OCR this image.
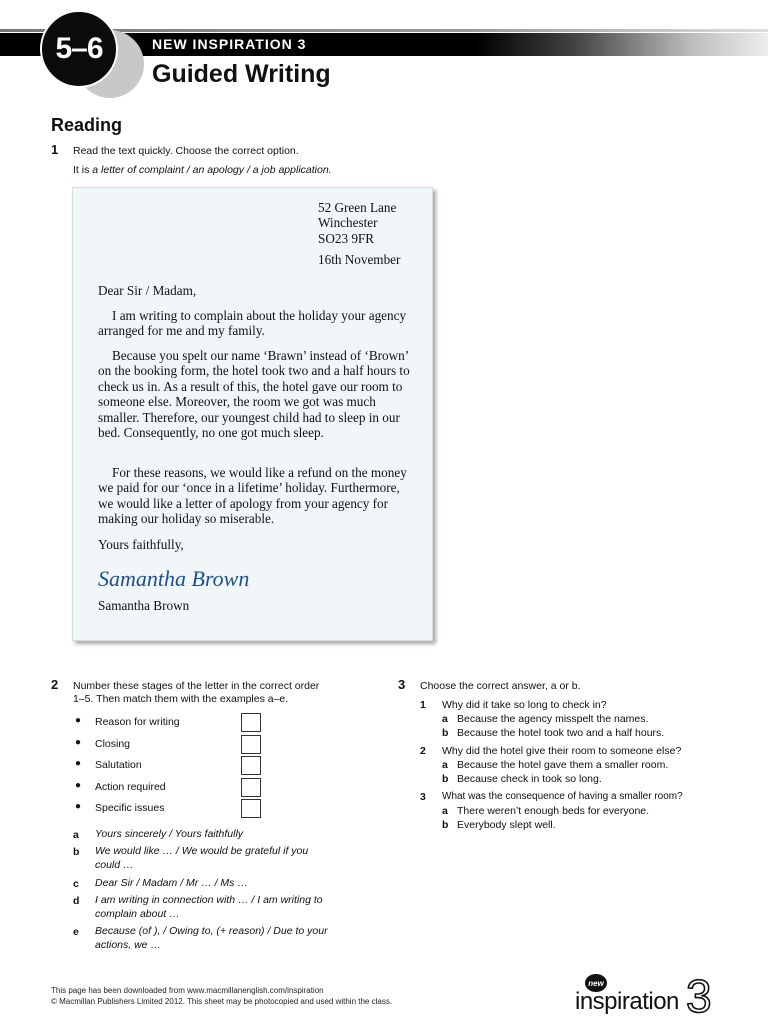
5–6	NEW INSPIRATION 3
Guided Writing
Reading
1 Read the text quickly. Choose the correct option.
It is a letter of complaint / an apology / a job application.
52 Green Lane
Winchester
SO23 9FR
16th November
Dear Sir / Madam,

I am writing to complain about the holiday your agency arranged for me and my family.

Because you spelt our name ‘Brawn’ instead of ‘Brown’ on the booking form, the hotel took two and a half hours to check us in. As a result of this, the hotel gave our room to someone else. Moreover, the room we got was much smaller. Therefore, our youngest child had to sleep in our bed. Consequently, no one got much sleep.

For these reasons, we would like a refund on the money we paid for our ‘once in a lifetime’ holiday. Furthermore, we would like a letter of apology from your agency for making our holiday so miserable.

Yours faithfully,
Samantha Brown
Samantha Brown
2 Number these stages of the letter in the correct order
1–5. Then match them with the examples a–e.
● Reason for writing
● Closing
● Salutation
● Action required
● Specific issues
a Yours sincerely / Yours faithfully
b We would like … / We would be grateful if you
could …
c Dear Sir / Madam / Mr … / Ms …
d I am writing in connection with … / I am writing to
complain about …
e Because (of ), / Owing to, (+ reason) / Due to your
actions, we …
3 Choose the correct answer, a or b.
1 Why did it take so long to check in?
a Because the agency misspelt the names.
b Because the hotel took two and a half hours.
2 Why did the hotel give their room to someone else?
a Because the hotel gave them a smaller room.
b Because check in took so long.
3 What was the consequence of having a smaller room?
a There weren’t enough beds for everyone.
b Everybody slept well.
This page has been downloaded from www.macmillanenglish.com/inspiration
© Macmillan Publishers Limited 2012. This sheet may be photocopied and used within the class.
new
inspiration 3
